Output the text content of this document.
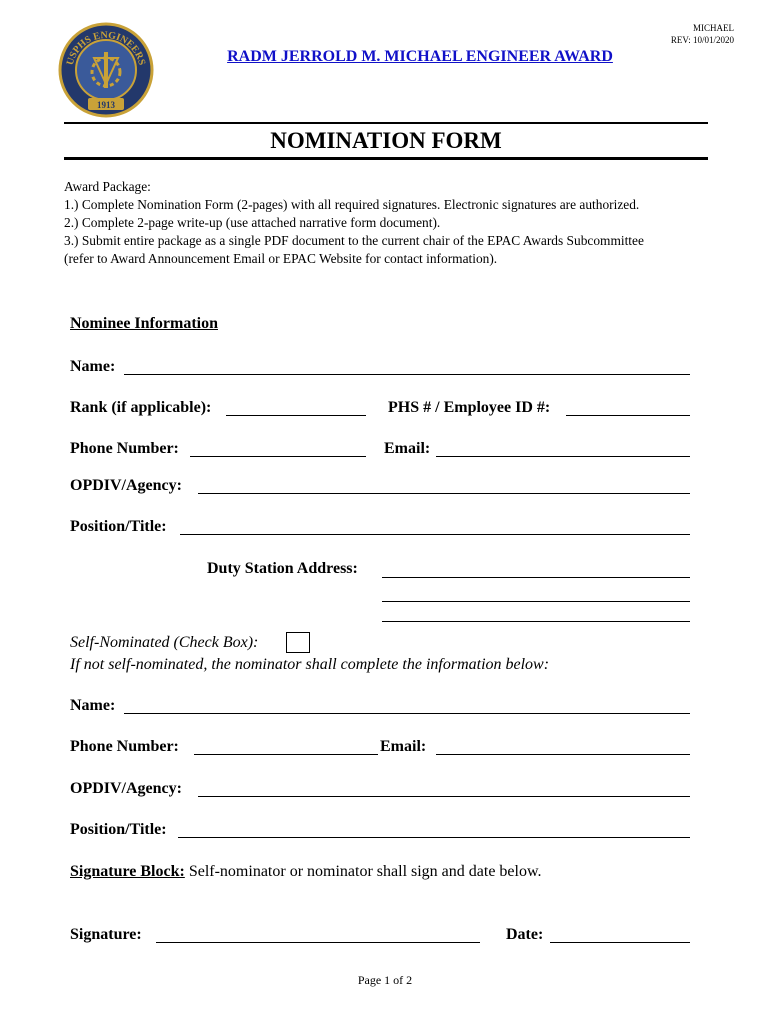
USPHS ENGINEERS
1913
MICHAEL
REV: 10/01/2020
RADM JERROLD M. MICHAEL ENGINEER AWARD
NOMINATION FORM
Award Package:
1.) Complete Nomination Form (2-pages) with all required signatures. Electronic signatures are authorized.
2.) Complete 2-page write-up (use attached narrative form document).
3.) Submit entire package as a single PDF document to the current chair of the EPAC Awards Subcommittee (refer to Award Announcement Email or EPAC Website for contact information).
Nominee Information
Name:
Rank (if applicable):	PHS # / Employee ID #:
Phone Number:	Email:
OPDIV/Agency:
Position/Title:
Duty Station Address:
Self-Nominated (Check Box):
If not self-nominated, the nominator shall complete the information below:
Name:
Phone Number:	Email:
OPDIV/Agency:
Position/Title:
Signature Block: Self-nominator or nominator shall sign and date below.
Signature:	Date:
Page 1 of 2
